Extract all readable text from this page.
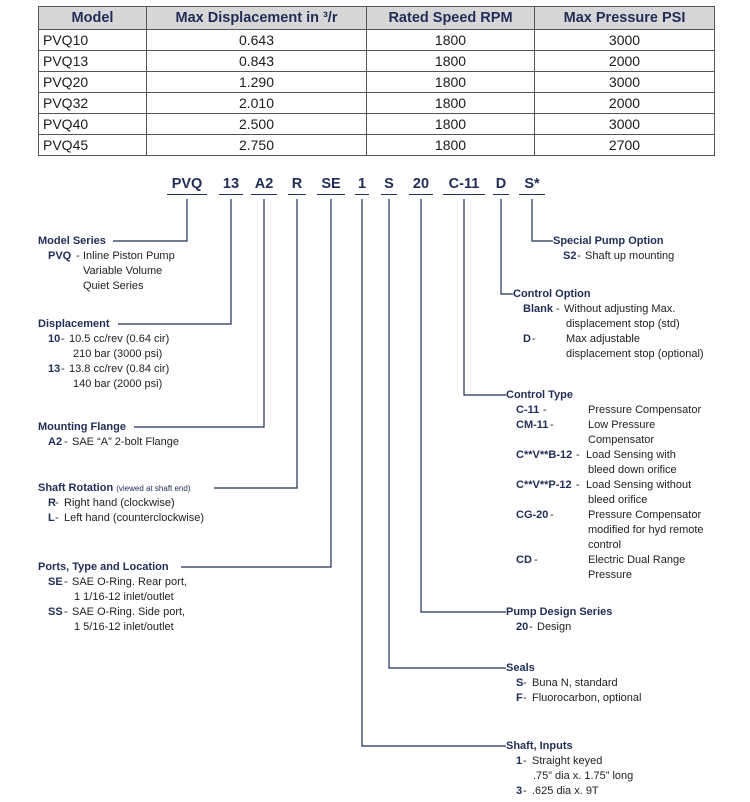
Model	Max Displacement in ³/r	Rated Speed RPM	Max Pressure PSI
PVQ10	0.643	1800	3000
PVQ13	0.843	1800	2000
PVQ20	1.290	1800	3000
PVQ32	2.010	1800	2000
PVQ40	2.500	1800	3000
PVQ45	2.750	1800	2700
PVQ 13 A2 R SE 1 S 20 C-11 D S*
Model Series
PVQ - Inline Piston Pump
Variable Volume
Quiet Series
Displacement
10 - 10.5 cc/rev (0.64 cir)
210 bar (3000 psi)
13 - 13.8 cc/rev (0.84 cir)
140 bar (2000 psi)
Mounting Flange
A2 - SAE “A” 2-bolt Flange
Shaft Rotation (viewed at shaft end)
R - Right hand (clockwise)
L - Left hand (counterclockwise)
Ports, Type and Location
SE - SAE O-Ring. Rear port,
1 1/16-12 inlet/outlet
SS - SAE O-Ring. Side port,
1 5/16-12 inlet/outlet
Special Pump Option
S2 - Shaft up mounting
Control Option
Blank - Without adjusting Max.
displacement stop (std)
D -	Max adjustable
displacement stop (optional)
Control Type
C-11 -	Pressure Compensator
CM-11 -	Low Pressure
Compensator
C**V**B-12 - Load Sensing with
bleed down orifice
C**V**P-12 - Load Sensing without
bleed orifice
CG-20 -	Pressure Compensator
modified for hyd remote
control
CD -	Electric Dual Range
Pressure
Pump Design Series
20 - Design
Seals
S - Buna N, standard
F - Fluorocarbon, optional
Shaft, Inputs
1 - Straight keyed
.75” dia x. 1.75” long
3 - .625 dia x. 9T
